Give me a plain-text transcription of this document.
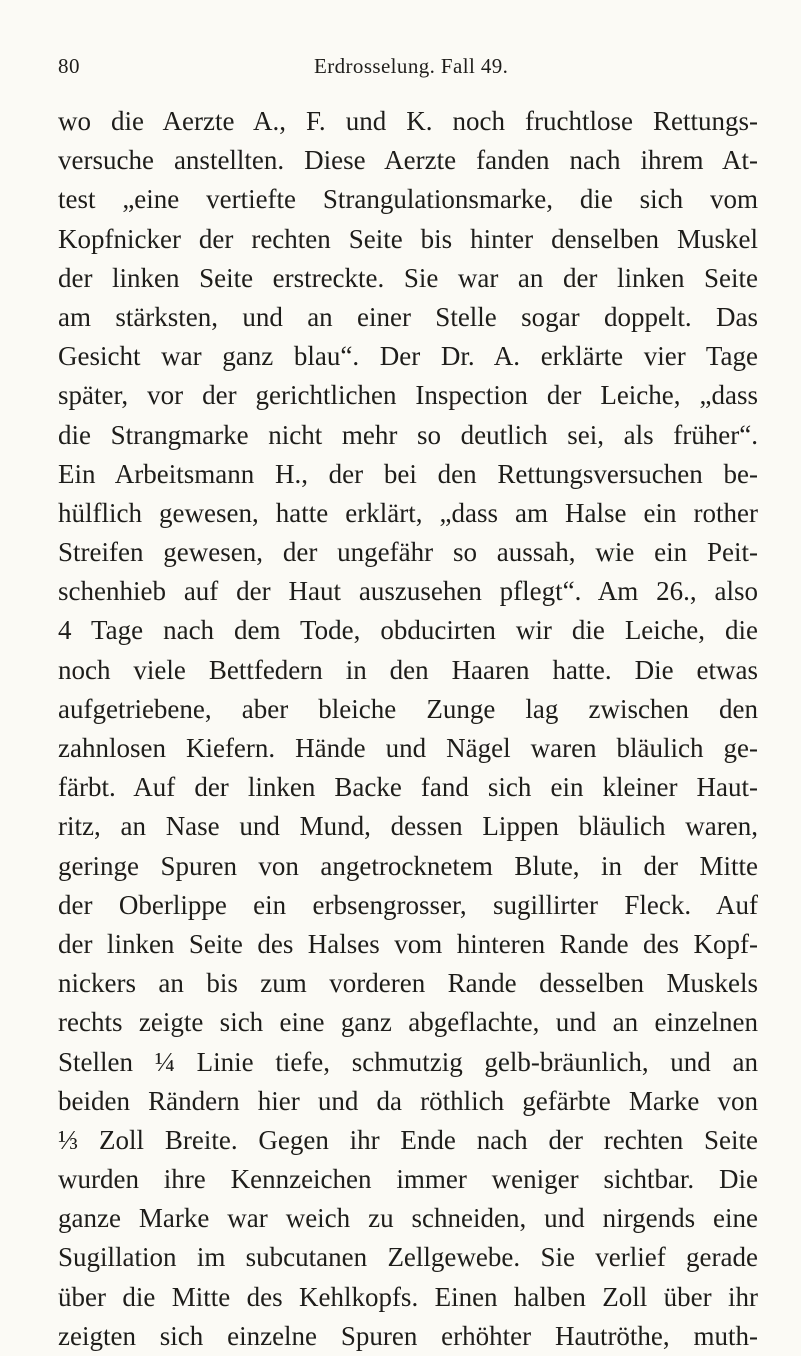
80	Erdrosselung. Fall 49.
wo die Aerzte A., F. und K. noch fruchtlose Rettungs-
versuche anstellten. Diese Aerzte fanden nach ihrem At-
test „eine vertiefte Strangulationsmarke, die sich vom
Kopfnicker der rechten Seite bis hinter denselben Muskel
der linken Seite erstreckte. Sie war an der linken Seite
am stärksten, und an einer Stelle sogar doppelt. Das
Gesicht war ganz blau“. Der Dr. A. erklärte vier Tage
später, vor der gerichtlichen Inspection der Leiche, „dass
die Strangmarke nicht mehr so deutlich sei, als früher“.
Ein Arbeitsmann H., der bei den Rettungsversuchen be-
hülflich gewesen, hatte erklärt, „dass am Halse ein rother
Streifen gewesen, der ungefähr so aussah, wie ein Peit-
schenhieb auf der Haut auszusehen pflegt“. Am 26., also
4 Tage nach dem Tode, obducirten wir die Leiche, die
noch viele Bettfedern in den Haaren hatte. Die etwas
aufgetriebene, aber bleiche Zunge lag zwischen den
zahnlosen Kiefern. Hände und Nägel waren bläulich ge-
färbt. Auf der linken Backe fand sich ein kleiner Haut-
ritz, an Nase und Mund, dessen Lippen bläulich waren,
geringe Spuren von angetrocknetem Blute, in der Mitte
der Oberlippe ein erbsengrosser, sugillirter Fleck. Auf
der linken Seite des Halses vom hinteren Rande des Kopf-
nickers an bis zum vorderen Rande desselben Muskels
rechts zeigte sich eine ganz abgeflachte, und an einzelnen
Stellen ¼ Linie tiefe, schmutzig gelb-bräunlich, und an
beiden Rändern hier und da röthlich gefärbte Marke von
⅓ Zoll Breite. Gegen ihr Ende nach der rechten Seite
wurden ihre Kennzeichen immer weniger sichtbar. Die
ganze Marke war weich zu schneiden, und nirgends eine
Sugillation im subcutanen Zellgewebe. Sie verlief gerade
über die Mitte des Kehlkopfs. Einen halben Zoll über ihr
zeigten sich einzelne Spuren erhöhter Hautröthe, muth-
